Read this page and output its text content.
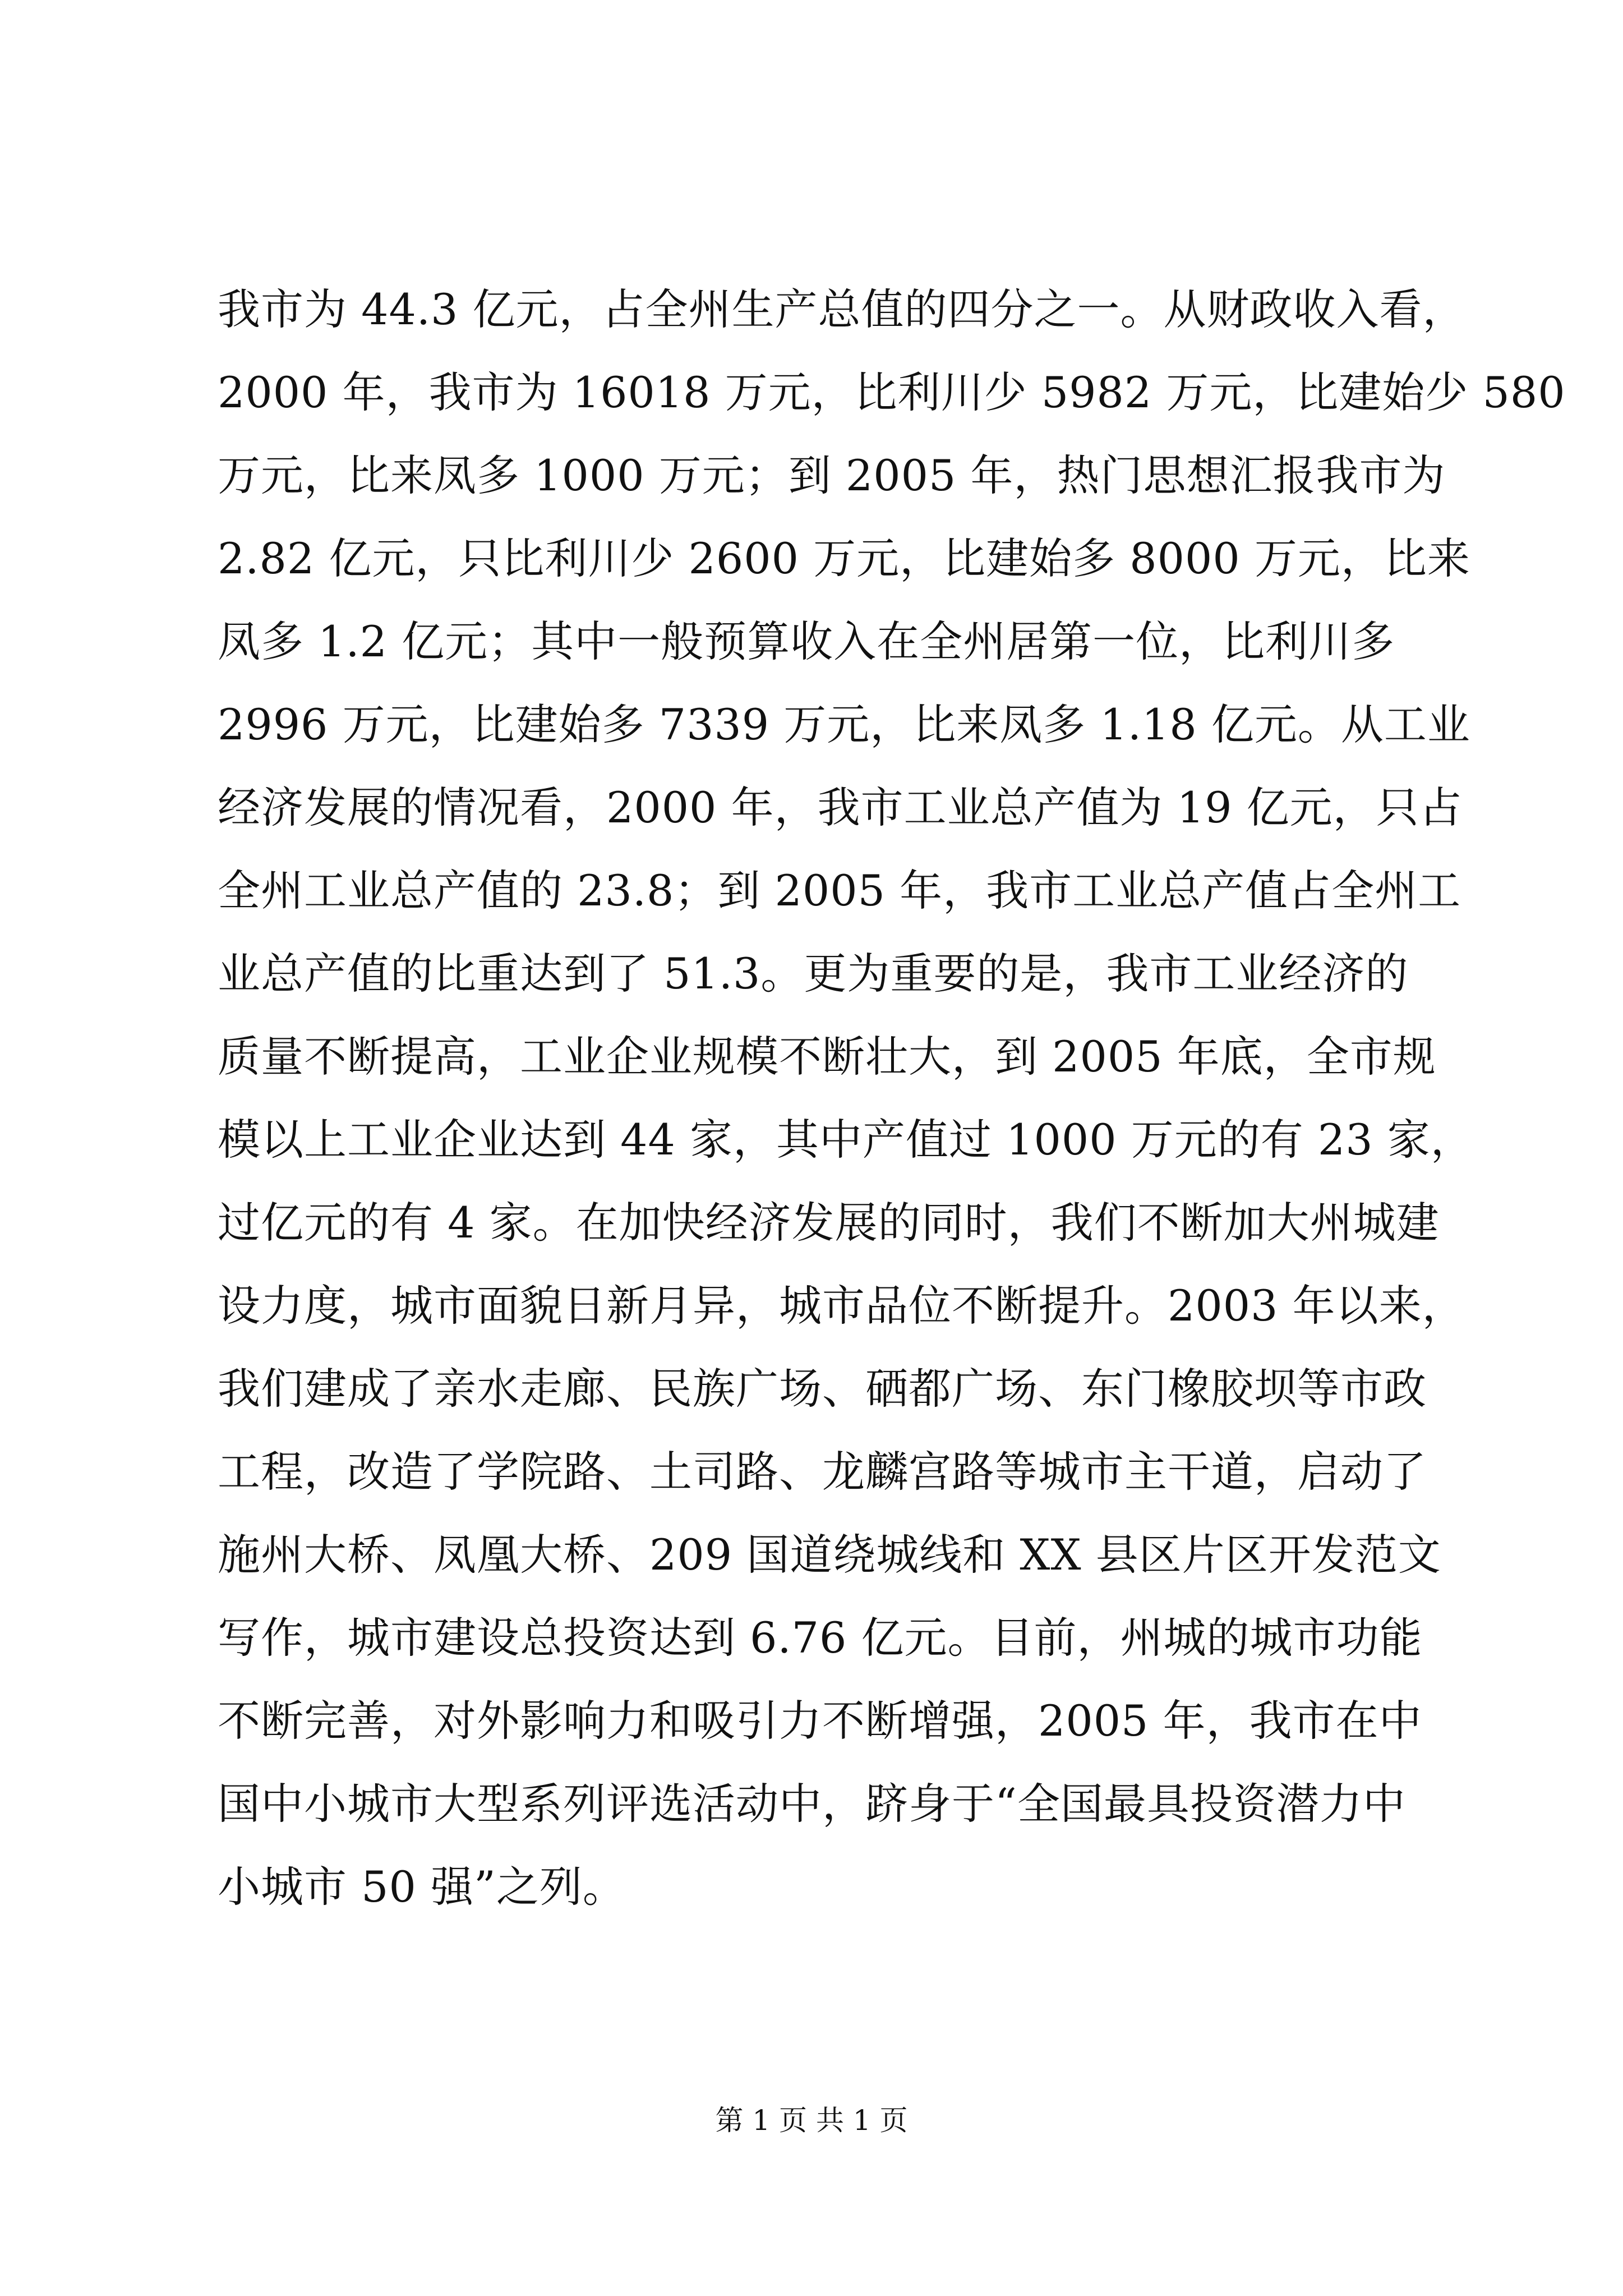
我市为 44.3 亿元，占全州生产总值的四分之一。从财政收入看，
2000 年，我市为 16018 万元，比利川少 5982 万元，比建始少 580
万元，比来凤多 1000 万元；到 2005 年，热门思想汇报我市为
2.82 亿元，只比利川少 2600 万元，比建始多 8000 万元，比来
凤多 1.2 亿元；其中一般预算收入在全州居第一位，比利川多
2996 万元，比建始多 7339 万元，比来凤多 1.18 亿元。从工业
经济发展的情况看，2000 年，我市工业总产值为 19 亿元，只占
全州工业总产值的 23.8；到 2005 年，我市工业总产值占全州工
业总产值的比重达到了 51.3。更为重要的是，我市工业经济的
质量不断提高，工业企业规模不断壮大，到 2005 年底，全市规
模以上工业企业达到 44 家，其中产值过 1000 万元的有 23 家，
过亿元的有 4 家。在加快经济发展的同时，我们不断加大州城建
设力度，城市面貌日新月异，城市品位不断提升。2003 年以来，
我们建成了亲水走廊、民族广场、硒都广场、东门橡胶坝等市政
工程，改造了学院路、土司路、龙麟宫路等城市主干道，启动了
施州大桥、凤凰大桥、209 国道绕城线和 XX 县区片区开发范文
写作，城市建设总投资达到 6.76 亿元。目前，州城的城市功能
不断完善，对外影响力和吸引力不断增强，2005 年，我市在中
国中小城市大型系列评选活动中，跻身于“全国最具投资潜力中
小城市 50 强”之列。
第 1 页 共 1 页
